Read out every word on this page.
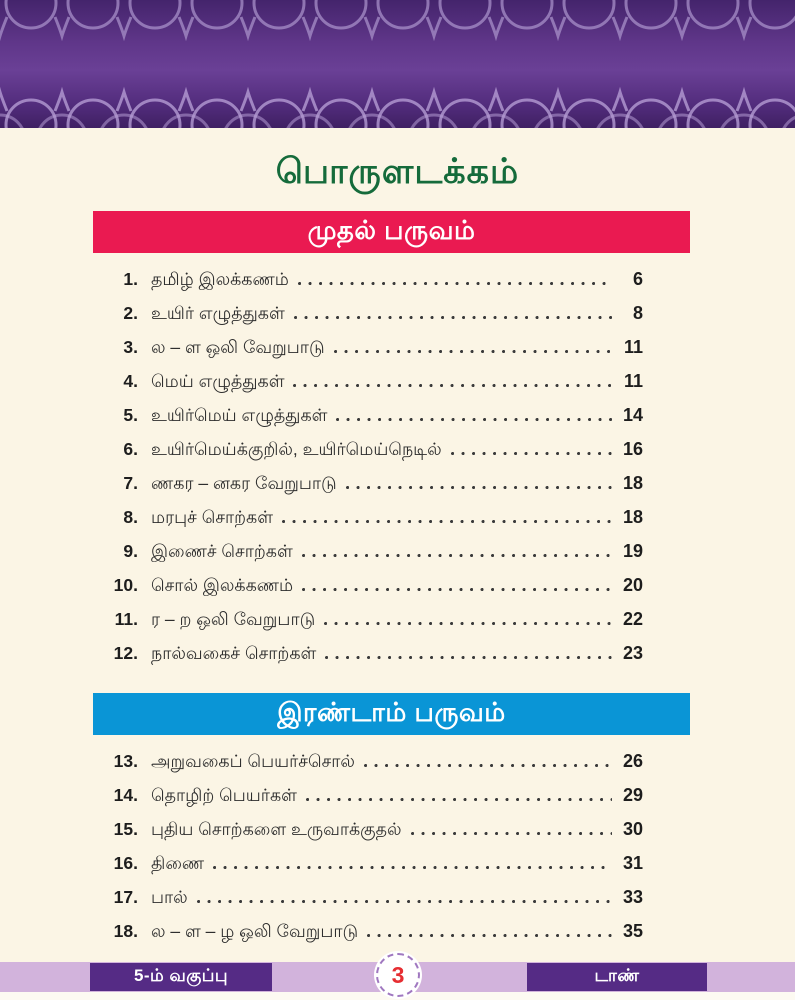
பொருளடக்கம்
முதல் பருவம்
1. தமிழ் இலக்கணம்	6
2. உயிர் எழுத்துகள்	8
3. ல – ள ஒலி வேறுபாடு	11
4. மெய் எழுத்துகள்	11
5. உயிர்மெய் எழுத்துகள்	14
6. உயிர்மெய்க்குறில், உயிர்மெய்நெடில்	16
7. ணகர – னகர வேறுபாடு	18
8. மரபுச் சொற்கள்	18
9. இணைச் சொற்கள்	19
10. சொல் இலக்கணம்	20
11. ர – ற ஒலி வேறுபாடு	22
12. நால்வகைச் சொற்கள்	23
இரண்டாம் பருவம்
13. அறுவகைப் பெயர்ச்சொல்	26
14. தொழிற் பெயர்கள்	29
15. புதிய சொற்களை உருவாக்குதல்	30
16. திணை	31
17. பால்	33
18. ல – ள – ழ ஒலி வேறுபாடு	35
5-ம் வகுப்பு	டாண்
3
